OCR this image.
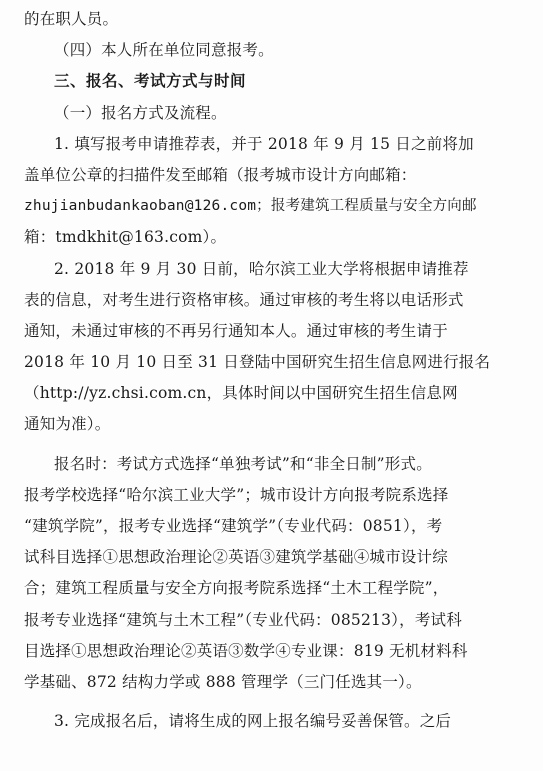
的在职人员。
（四）本人所在单位同意报考。
三、报名、考试方式与时间
（一）报名方式及流程。
1. 填写报考申请推荐表，并于 2018 年 9 月 15 日之前将加
盖单位公章的扫描件发至邮箱（报考城市设计方向邮箱：
zhujianbudankaoban@126.com；报考建筑工程质量与安全方向邮
箱：tmdkhit@163.com）。
2. 2018 年 9 月 30 日前，哈尔滨工业大学将根据申请推荐
表的信息，对考生进行资格审核。通过审核的考生将以电话形式
通知，未通过审核的不再另行通知本人。通过审核的考生请于
2018 年 10 月 10 日至 31 日登陆中国研究生招生信息网进行报名
（http://yz.chsi.com.cn，具体时间以中国研究生招生信息网
通知为准）。
报名时：考试方式选择“单独考试”和“非全日制”形式。
报考学校选择“哈尔滨工业大学”；城市设计方向报考院系选择
“建筑学院”，报考专业选择“建筑学”（专业代码：0851），考
试科目选择①思想政治理论②英语③建筑学基础④城市设计综
合；建筑工程质量与安全方向报考院系选择“土木工程学院”，
报考专业选择“建筑与土木工程”（专业代码：085213），考试科
目选择①思想政治理论②英语③数学④专业课：819 无机材料科
学基础、872 结构力学或 888 管理学（三门任选其一）。
3. 完成报名后，请将生成的网上报名编号妥善保管。之后
